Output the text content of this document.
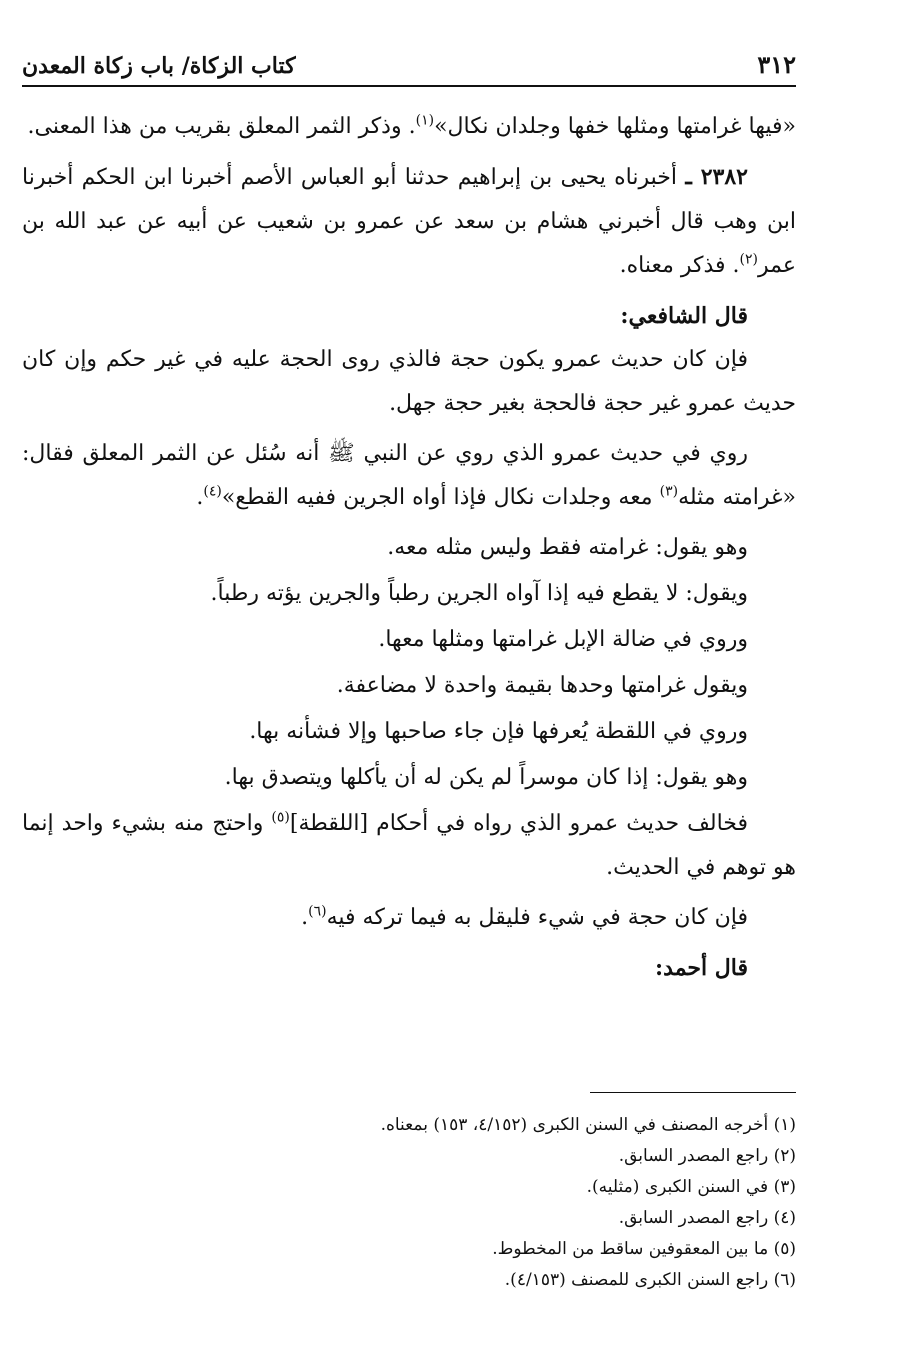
٣١٢
كتاب الزكاة/ باب زكاة المعدن

«فيها غرامتها ومثلها خفها وجلدان نكال»$^{(١)}$. وذكر الثمر المعلق بقريب من هذا المعنى.

٢٣٨٢ ـ أخبرناه يحيى بن إبراهيم حدثنا أبو العباس الأصم أخبرنا ابن الحكم أخبرنا ابن وهب قال أخبرني هشام بن سعد عن عمرو بن شعيب عن أبيه عن عبد الله بن عمر$^{(٢)}$. فذكر معناه.

قال الشافعي:

فإن كان حديث عمرو يكون حجة فالذي روى الحجة عليه في غير حكم وإن كان حديث عمرو غير حجة فالحجة بغير حجة جهل.

روي في حديث عمرو الذي روي عن النبي ﷺ أنه سُئل عن الثمر المعلق فقال: «غرامته مثله$^{(٣)}$ معه وجلدات نكال فإذا أواه الجرين ففيه القطع»$^{(٤)}$.

وهو يقول: غرامته فقط وليس مثله معه.

ويقول: لا يقطع فيه إذا آواه الجرين رطباً والجرين يؤته رطباً.

وروي في ضالة الإبل غرامتها ومثلها معها.

ويقول غرامتها وحدها بقيمة واحدة لا مضاعفة.

وروي في اللقطة يُعرفها فإن جاء صاحبها وإلا فشأنه بها.

وهو يقول: إذا كان موسراً لم يكن له أن يأكلها ويتصدق بها.

فخالف حديث عمرو الذي رواه في أحكام [اللقطة]$^{(٥)}$ واحتج منه بشيء واحد إنما هو توهم في الحديث.

فإن كان حجة في شيء فليقل به فيما تركه فيه$^{(٦)}$.

قال أحمد:

(١) أخرجه المصنف في السنن الكبرى (٤/١٥٢، ١٥٣) بمعناه.
(٢) راجع المصدر السابق.
(٣) في السنن الكبرى (مثليه).
(٤) راجع المصدر السابق.
(٥) ما بين المعقوفين ساقط من المخطوط.
(٦) راجع السنن الكبرى للمصنف (٤/١٥٣).
